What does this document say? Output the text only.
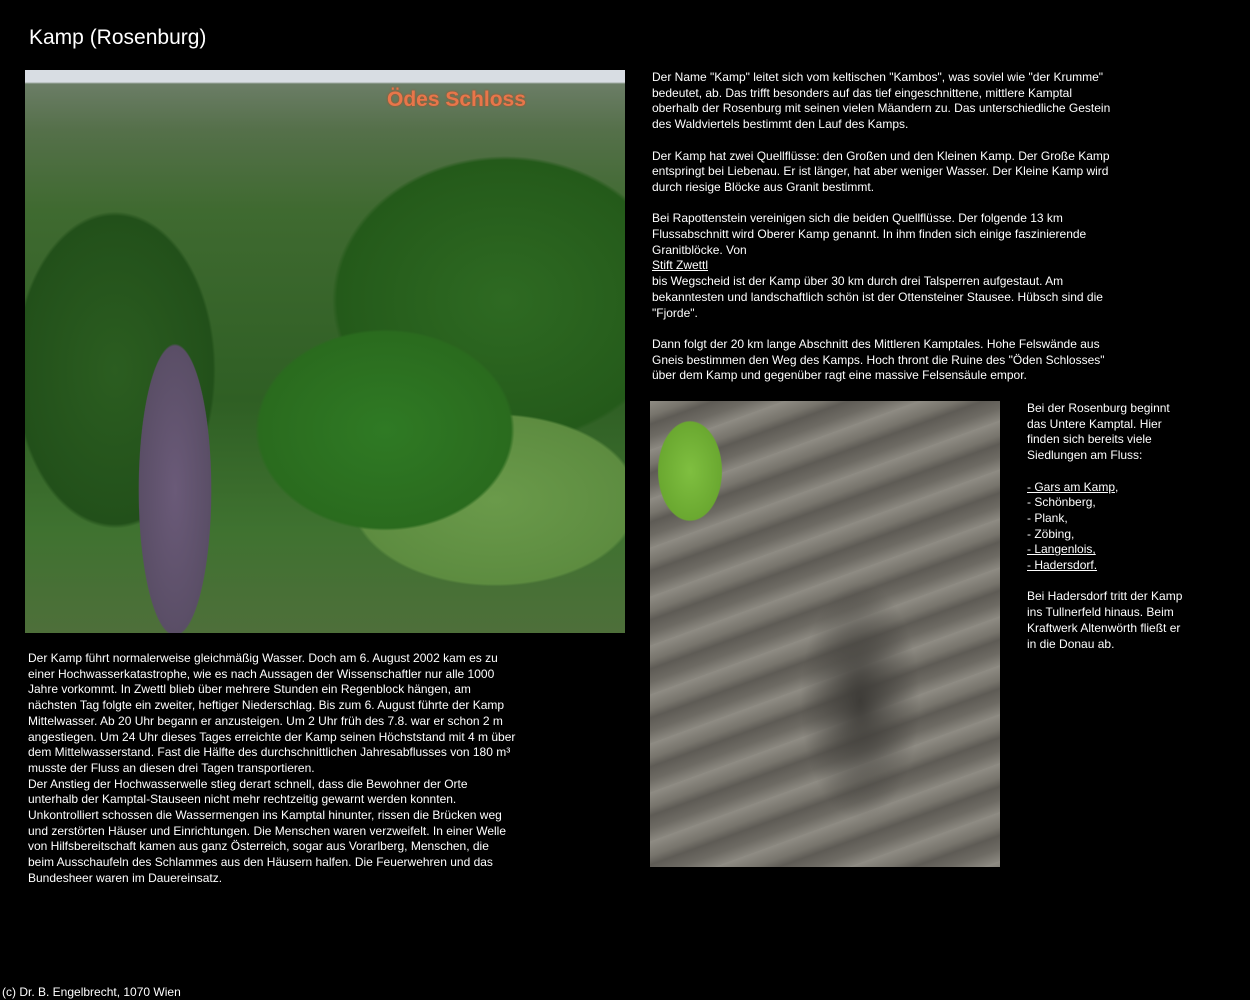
Kamp (Rosenburg)
Ödes Schloss

Der Name "Kamp" leitet sich vom keltischen "Kambos", was soviel wie "der Krumme" bedeutet, ab. Das trifft besonders auf das tief eingeschnittene, mittlere Kamptal oberhalb der Rosenburg mit seinen vielen Mäandern zu. Das unterschiedliche Gestein des Waldviertels bestimmt den Lauf des Kamps.

Der Kamp hat zwei Quellflüsse: den Großen und den Kleinen Kamp. Der Große Kamp entspringt bei Liebenau. Er ist länger, hat aber weniger Wasser. Der Kleine Kamp wird durch riesige Blöcke aus Granit bestimmt.

Bei Rapottenstein vereinigen sich die beiden Quellflüsse. Der folgende 13 km Flussabschnitt wird Oberer Kamp genannt. In ihm finden sich einige faszinierende Granitblöcke. Von
Stift Zwettl
bis Wegscheid ist der Kamp über 30 km durch drei Talsperren aufgestaut. Am bekanntesten und landschaftlich schön ist der Ottensteiner Stausee. Hübsch sind die "Fjorde".

Dann folgt der 20 km lange Abschnitt des Mittleren Kamptales. Hohe Felswände aus Gneis bestimmen den Weg des Kamps. Hoch thront die Ruine des "Öden Schlosses" über dem Kamp und gegenüber ragt eine massive Felsensäule empor.

Bei der Rosenburg beginnt das Untere Kamptal. Hier finden sich bereits viele Siedlungen am Fluss:

- Gars am Kamp,
- Schönberg,
- Plank,
- Zöbing,
- Langenlois,
- Hadersdorf.

Bei Hadersdorf tritt der Kamp ins Tullnerfeld hinaus. Beim Kraftwerk Altenwörth fließt er in die Donau ab.

Der Kamp führt normalerweise gleichmäßig Wasser. Doch am 6. August 2002 kam es zu einer Hochwasserkatastrophe, wie es nach Aussagen der Wissenschaftler nur alle 1000 Jahre vorkommt. In Zwettl blieb über mehrere Stunden ein Regenblock hängen, am nächsten Tag folgte ein zweiter, heftiger Niederschlag. Bis zum 6. August führte der Kamp Mittelwasser. Ab 20 Uhr begann er anzusteigen. Um 2 Uhr früh des 7.8. war er schon 2 m angestiegen. Um 24 Uhr dieses Tages erreichte der Kamp seinen Höchststand mit 4 m über dem Mittelwasserstand. Fast die Hälfte des durchschnittlichen Jahresabflusses von 180 m³ musste der Fluss an diesen drei Tagen transportieren.
Der Anstieg der Hochwasserwelle stieg derart schnell, dass die Bewohner der Orte unterhalb der Kamptal-Stauseen nicht mehr rechtzeitig gewarnt werden konnten. Unkontrolliert schossen die Wassermengen ins Kamptal hinunter, rissen die Brücken weg und zerstörten Häuser und Einrichtungen. Die Menschen waren verzweifelt. In einer Welle von Hilfsbereitschaft kamen aus ganz Österreich, sogar aus Vorarlberg, Menschen, die beim Ausschaufeln des Schlammes aus den Häusern halfen. Die Feuerwehren und das Bundesheer waren im Dauereinsatz.
(c) Dr. B. Engelbrecht, 1070 Wien
